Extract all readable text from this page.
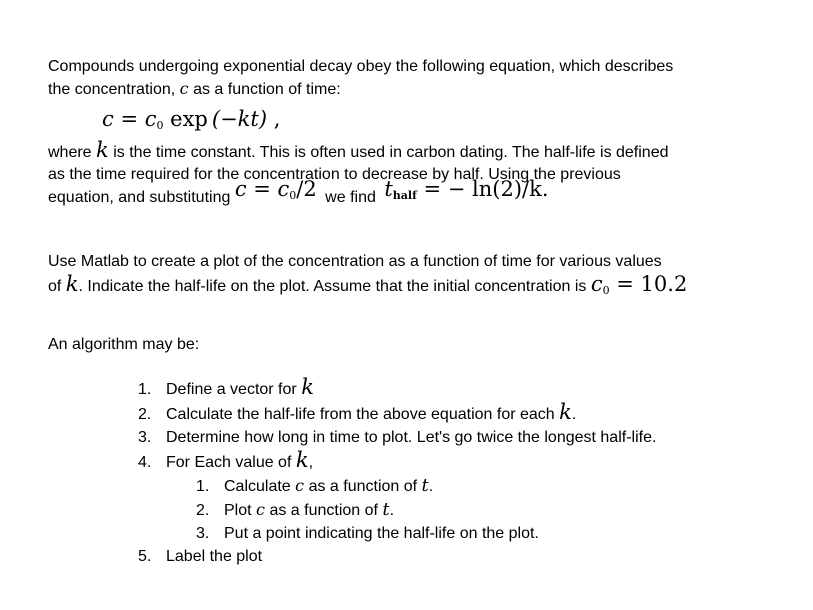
Compounds undergoing exponential decay obey the following equation, which describes
the concentration, c as a function of time:
$c = c_0$ exp (−kt) ,
where k is the time constant. This is often used in carbon dating. The half-life is defined
as the time required for the concentration to decrease by half. Using the previous
equation, and substituting $c = c_0/2$ we find $t_{half}$ = − ln(2)/k.
Use Matlab to create a plot of the concentration as a function of time for various values
of k. Indicate the half-life on the plot. Assume that the initial concentration is $c_0 = 10.2$
An algorithm may be:
1. Define a vector for k
2. Calculate the half-life from the above equation for each k.
3. Determine how long in time to plot. Let's go twice the longest half-life.
4. For Each value of k,
1. Calculate c as a function of t.
2. Plot c as a function of t.
3. Put a point indicating the half-life on the plot.
5. Label the plot
